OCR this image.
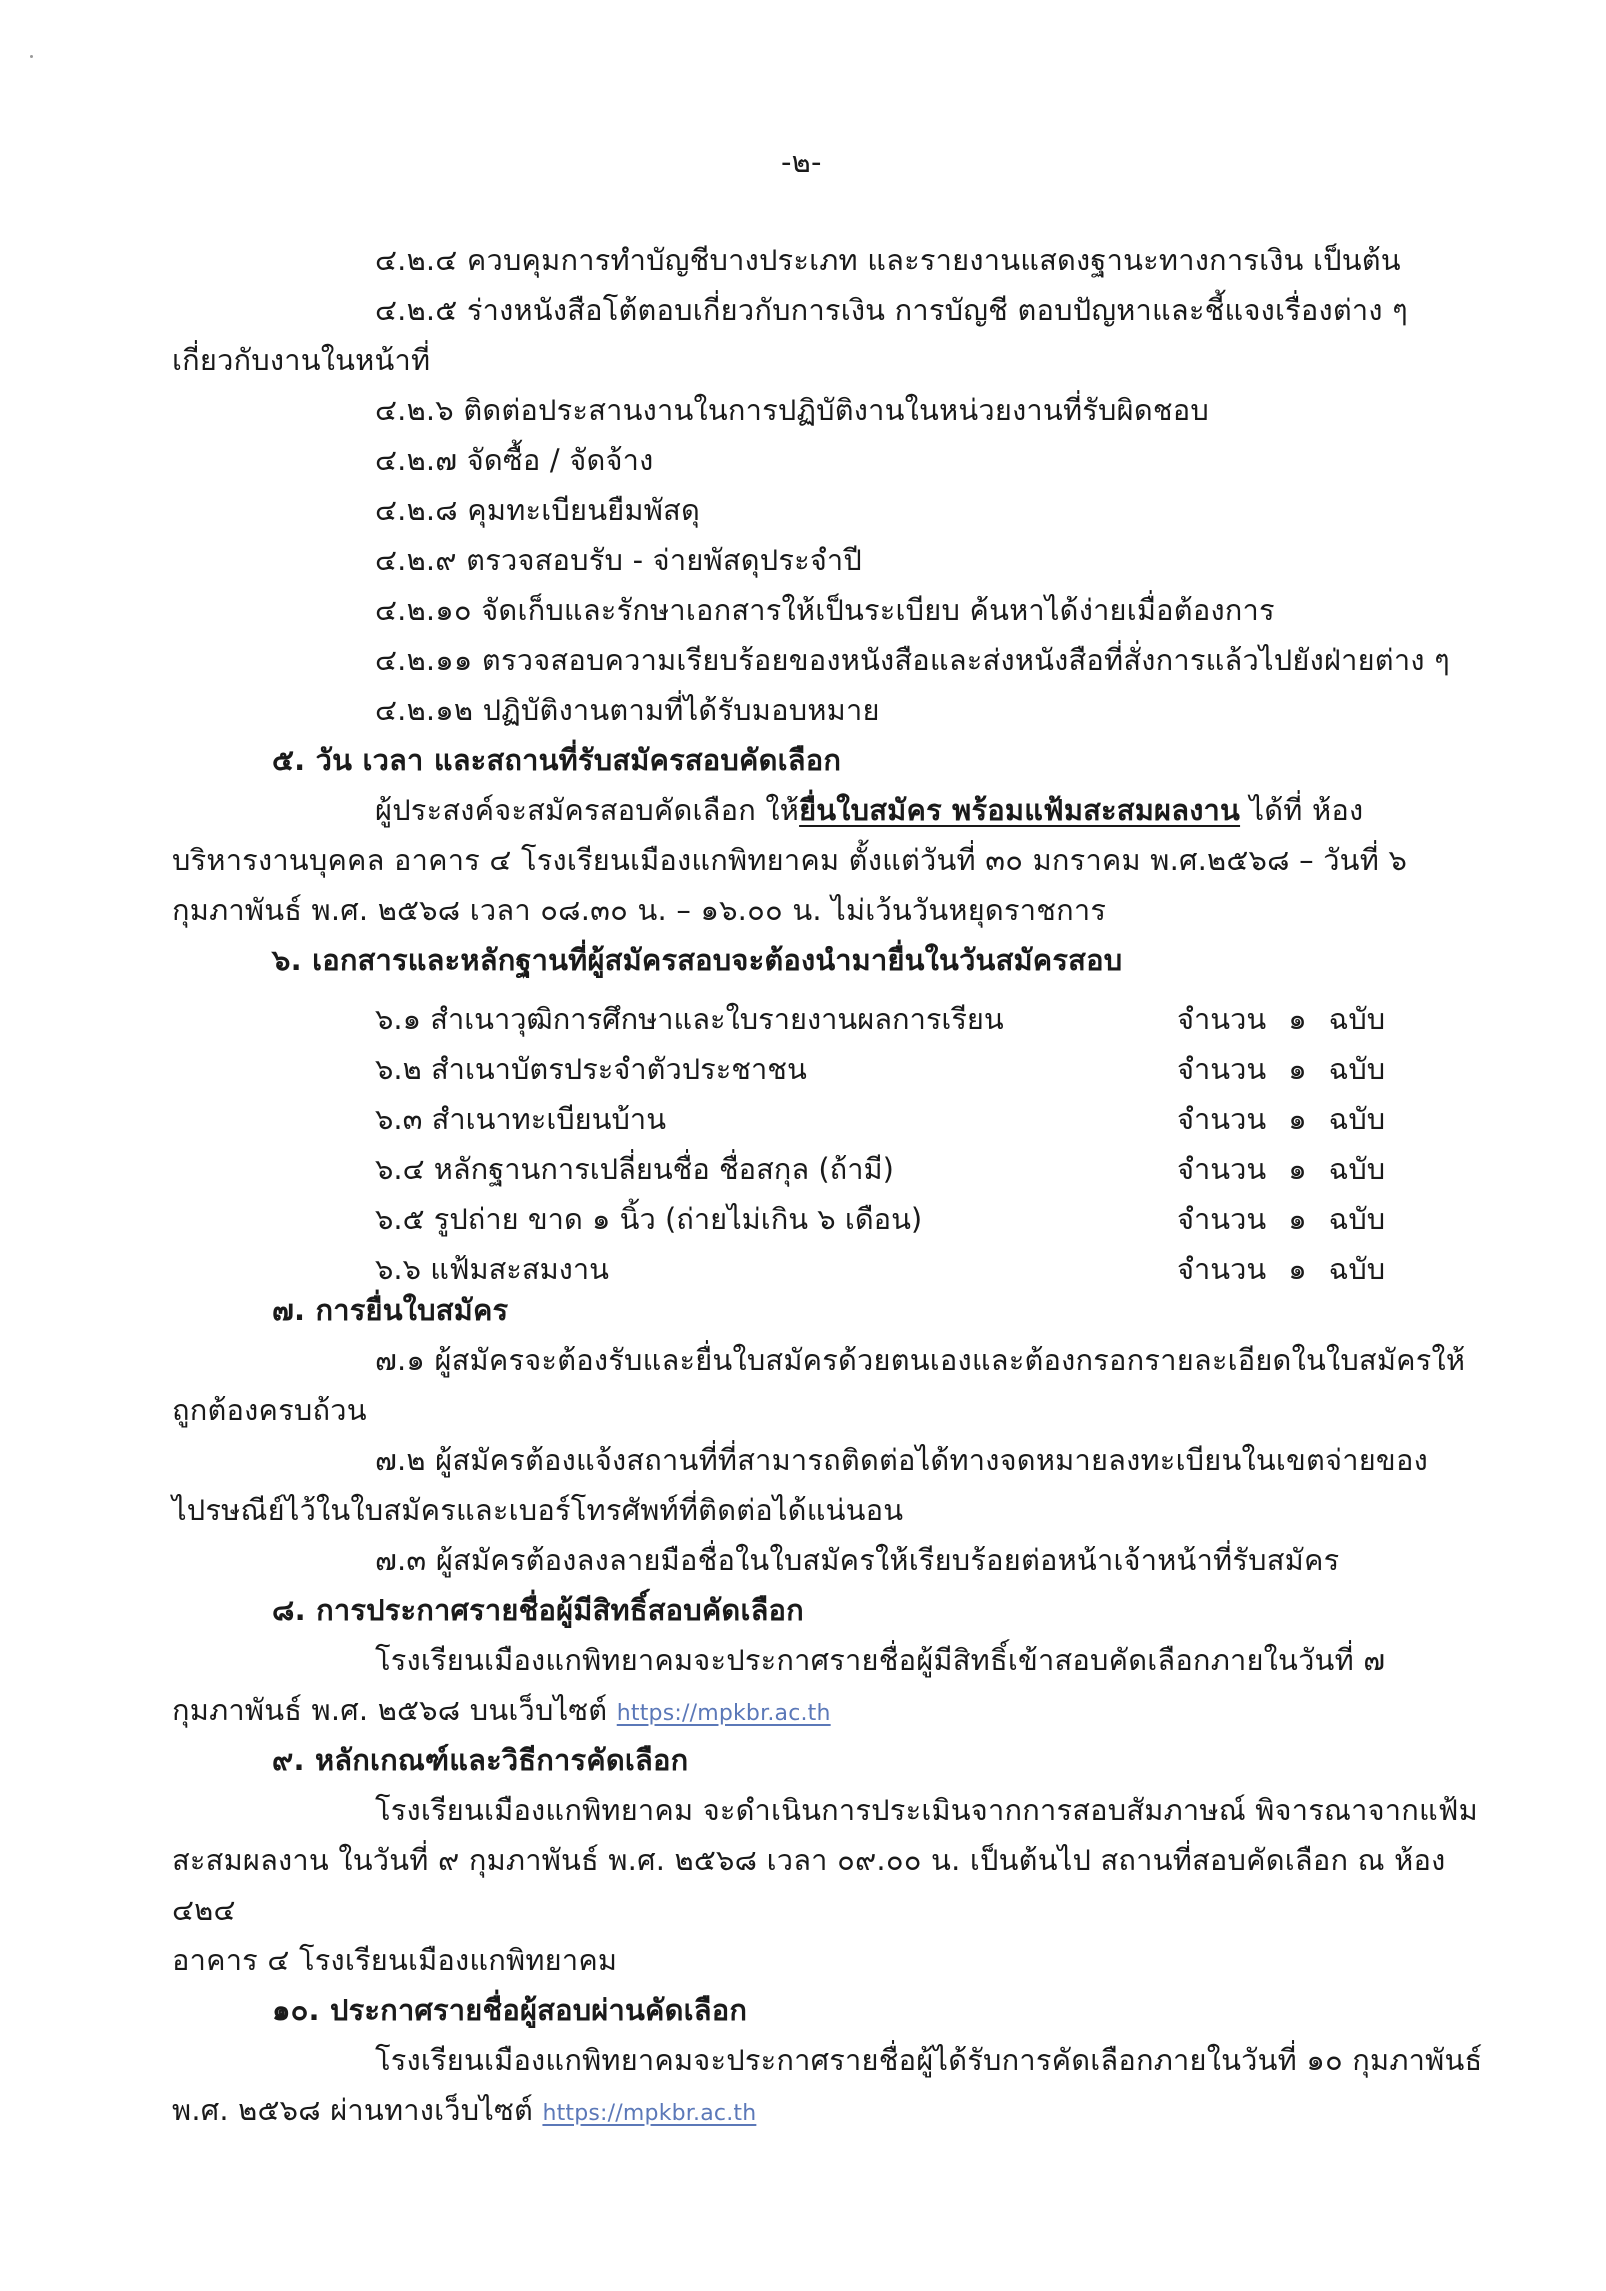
-๒-
๔.๒.๔ ควบคุมการทำบัญชีบางประเภท และรายงานแสดงฐานะทางการเงิน เป็นต้น
๔.๒.๕ ร่างหนังสือโต้ตอบเกี่ยวกับการเงิน การบัญชี ตอบปัญหาและชี้แจงเรื่องต่าง ๆ
เกี่ยวกับงานในหน้าที่
๔.๒.๖ ติดต่อประสานงานในการปฏิบัติงานในหน่วยงานที่รับผิดชอบ
๔.๒.๗ จัดซื้อ / จัดจ้าง
๔.๒.๘ คุมทะเบียนยืมพัสดุ
๔.๒.๙ ตรวจสอบรับ - จ่ายพัสดุประจำปี
๔.๒.๑๐ จัดเก็บและรักษาเอกสารให้เป็นระเบียบ ค้นหาได้ง่ายเมื่อต้องการ
๔.๒.๑๑ ตรวจสอบความเรียบร้อยของหนังสือและส่งหนังสือที่สั่งการแล้วไปยังฝ่ายต่าง ๆ
๔.๒.๑๒ ปฏิบัติงานตามที่ได้รับมอบหมาย
๕. วัน เวลา และสถานที่รับสมัครสอบคัดเลือก
ผู้ประสงค์จะสมัครสอบคัดเลือก ให้ยื่นใบสมัคร พร้อมแฟ้มสะสมผลงาน ได้ที่ ห้อง
บริหารงานบุคคล อาคาร ๔ โรงเรียนเมืองแกพิทยาคม ตั้งแต่วันที่ ๓๐ มกราคม พ.ศ.๒๕๖๘ – วันที่ ๖
กุมภาพันธ์ พ.ศ. ๒๕๖๘ เวลา ๐๘.๓๐ น. – ๑๖.๐๐ น. ไม่เว้นวันหยุดราชการ
๖. เอกสารและหลักฐานที่ผู้สมัครสอบจะต้องนำมายื่นในวันสมัครสอบ
๖.๑ สำเนาวุฒิการศึกษาและใบรายงานผลการเรียน	จำนวน ๑ ฉบับ
๖.๒ สำเนาบัตรประจำตัวประชาชน	จำนวน ๑ ฉบับ
๖.๓ สำเนาทะเบียนบ้าน	จำนวน ๑ ฉบับ
๖.๔ หลักฐานการเปลี่ยนชื่อ ชื่อสกุล (ถ้ามี)	จำนวน ๑ ฉบับ
๖.๕ รูปถ่าย ขาด ๑ นิ้ว (ถ่ายไม่เกิน ๖ เดือน)	จำนวน ๑ ฉบับ
๖.๖ แฟ้มสะสมงาน	จำนวน ๑ ฉบับ
๗. การยื่นใบสมัคร
๗.๑ ผู้สมัครจะต้องรับและยื่นใบสมัครด้วยตนเองและต้องกรอกรายละเอียดในใบสมัครให้
ถูกต้องครบถ้วน
๗.๒ ผู้สมัครต้องแจ้งสถานที่ที่สามารถติดต่อได้ทางจดหมายลงทะเบียนในเขตจ่ายของ
ไปรษณีย์ไว้ในใบสมัครและเบอร์โทรศัพท์ที่ติดต่อได้แน่นอน
๗.๓ ผู้สมัครต้องลงลายมือชื่อในใบสมัครให้เรียบร้อยต่อหน้าเจ้าหน้าที่รับสมัคร
๘. การประกาศรายชื่อผู้มีสิทธิ์สอบคัดเลือก
โรงเรียนเมืองแกพิทยาคมจะประกาศรายชื่อผู้มีสิทธิ์เข้าสอบคัดเลือกภายในวันที่ ๗
กุมภาพันธ์ พ.ศ. ๒๕๖๘ บนเว็บไซต์ https://mpkbr.ac.th
๙. หลักเกณฑ์และวิธีการคัดเลือก
โรงเรียนเมืองแกพิทยาคม จะดำเนินการประเมินจากการสอบสัมภาษณ์ พิจารณาจากแฟ้ม
สะสมผลงาน ในวันที่ ๙ กุมภาพันธ์ พ.ศ. ๒๕๖๘ เวลา ๐๙.๐๐ น. เป็นต้นไป สถานที่สอบคัดเลือก ณ ห้อง
๔๒๔
อาคาร ๔ โรงเรียนเมืองแกพิทยาคม
๑๐. ประกาศรายชื่อผู้สอบผ่านคัดเลือก
โรงเรียนเมืองแกพิทยาคมจะประกาศรายชื่อผู้ได้รับการคัดเลือกภายในวันที่ ๑๐ กุมภาพันธ์
พ.ศ. ๒๕๖๘ ผ่านทางเว็บไซต์ https://mpkbr.ac.th
